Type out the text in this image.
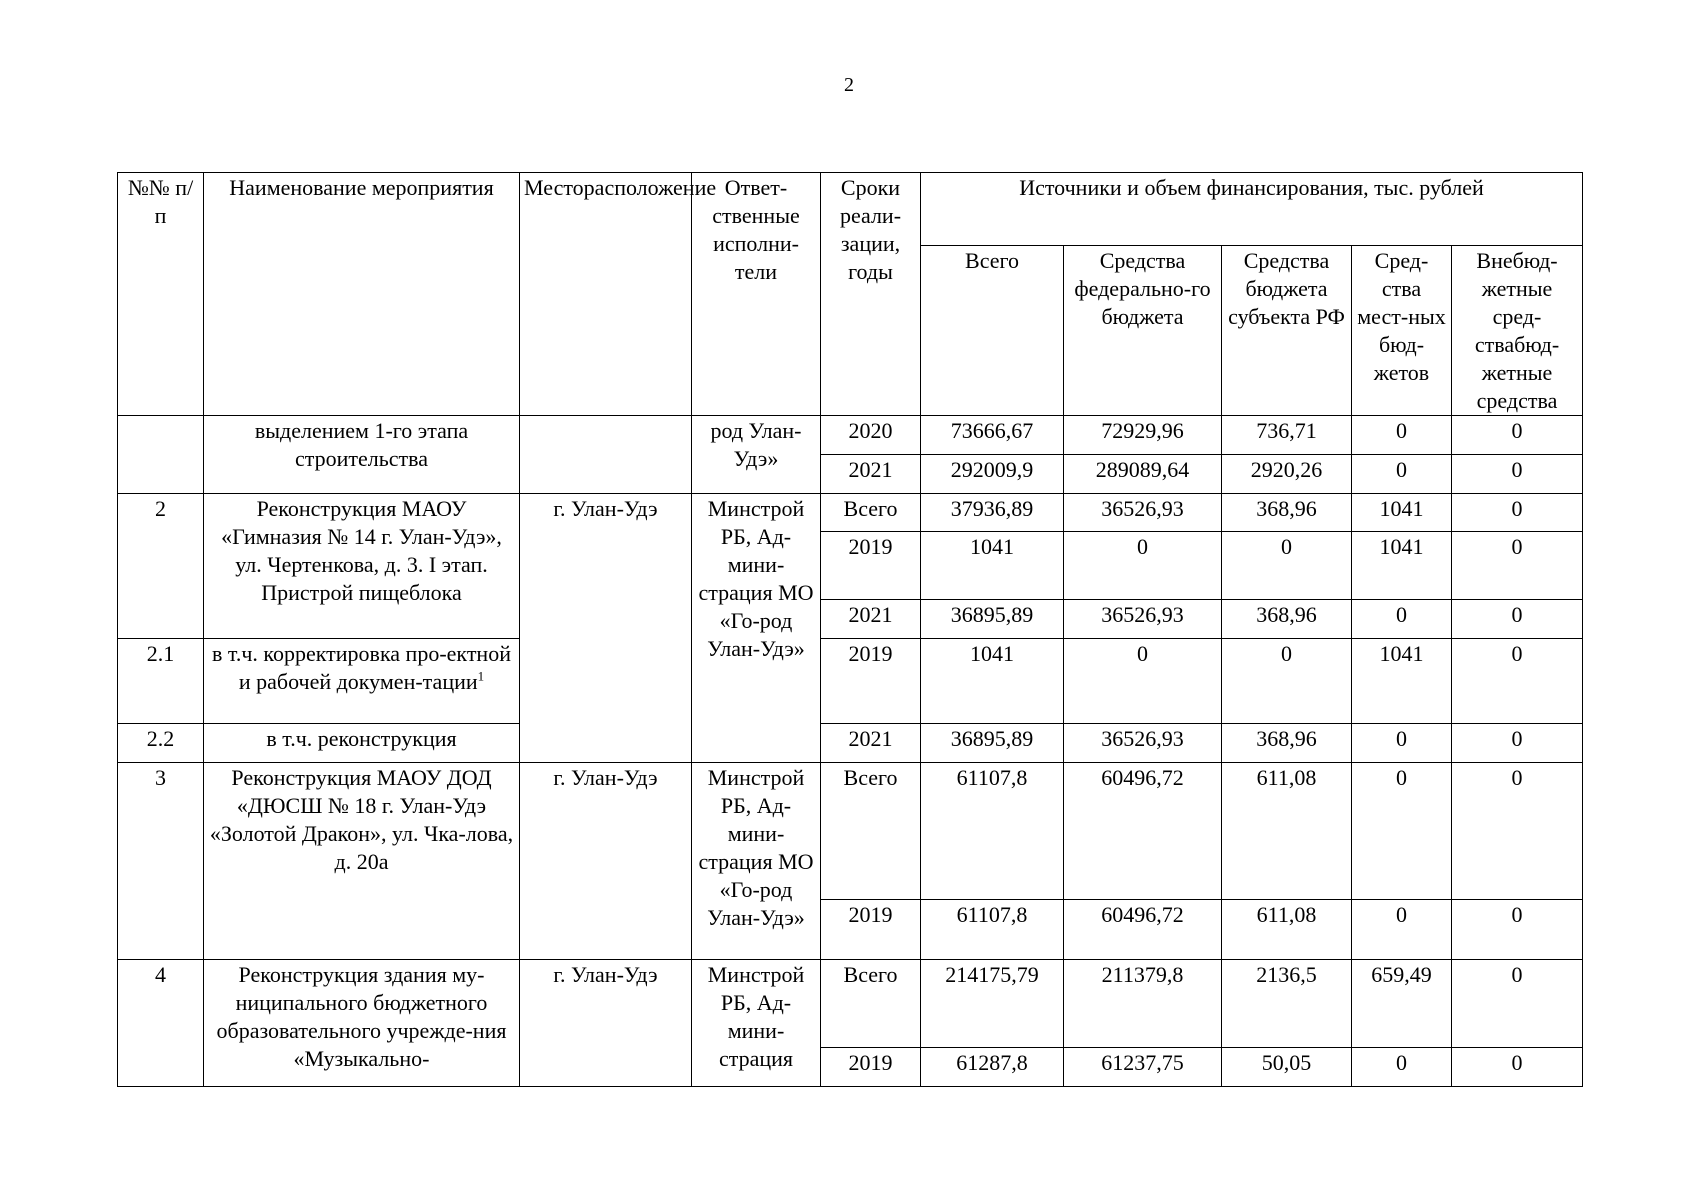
2
№№ п/п	Наименование мероприятия	Месторасположение	Ответ-ственные исполни-тели	Сроки реали-зации, годы	Источники и объем финансирования, тыс. рублей				
					Всего	Средства федерально-го бюджета	Средства бюджета субъекта РФ	Сред-ства мест-ных бюд-жетов	Внебюд-жетные сред-ствабюд-жетные средства
	выделением 1-го этапа строительства		род Улан-Удэ»	2020	73666,67	72929,96	736,71	0	0
				2021	292009,9	289089,64	2920,26	0	0
2	Реконструкция МАОУ «Гимназия № 14 г. Улан-Удэ», ул. Чертенкова, д. 3. I этап. Пристрой пищеблока	г. Улан-Удэ	Минстрой РБ, Ад-мини-страция МО «Го-род Улан-Удэ»	Всего	37936,89	36526,93	368,96	1041	0
				2019	1041	0	0	1041	0
				2021	36895,89	36526,93	368,96	0	0
2.1	в т.ч. корректировка про-ектной и рабочей докумен-тации$^1$			2019	1041	0	0	1041	0
2.2	в т.ч. реконструкция			2021	36895,89	36526,93	368,96	0	0
3	Реконструкция МАОУ ДОД «ДЮСШ № 18 г. Улан-Удэ «Золотой Дракон», ул. Чка-лова, д. 20а	г. Улан-Удэ	Минстрой РБ, Ад-мини-страция МО «Го-род Улан-Удэ»	Всего	61107,8	60496,72	611,08	0	0
				2019	61107,8	60496,72	611,08	0	0
4	Реконструкция здания му-ниципального бюджетного образовательного учрежде-ния «Музыкально-	г. Улан-Удэ	Минстрой РБ, Ад-мини-страция	Всего	214175,79	211379,8	2136,5	659,49	0
				2019	61287,8	61237,75	50,05	0	0
